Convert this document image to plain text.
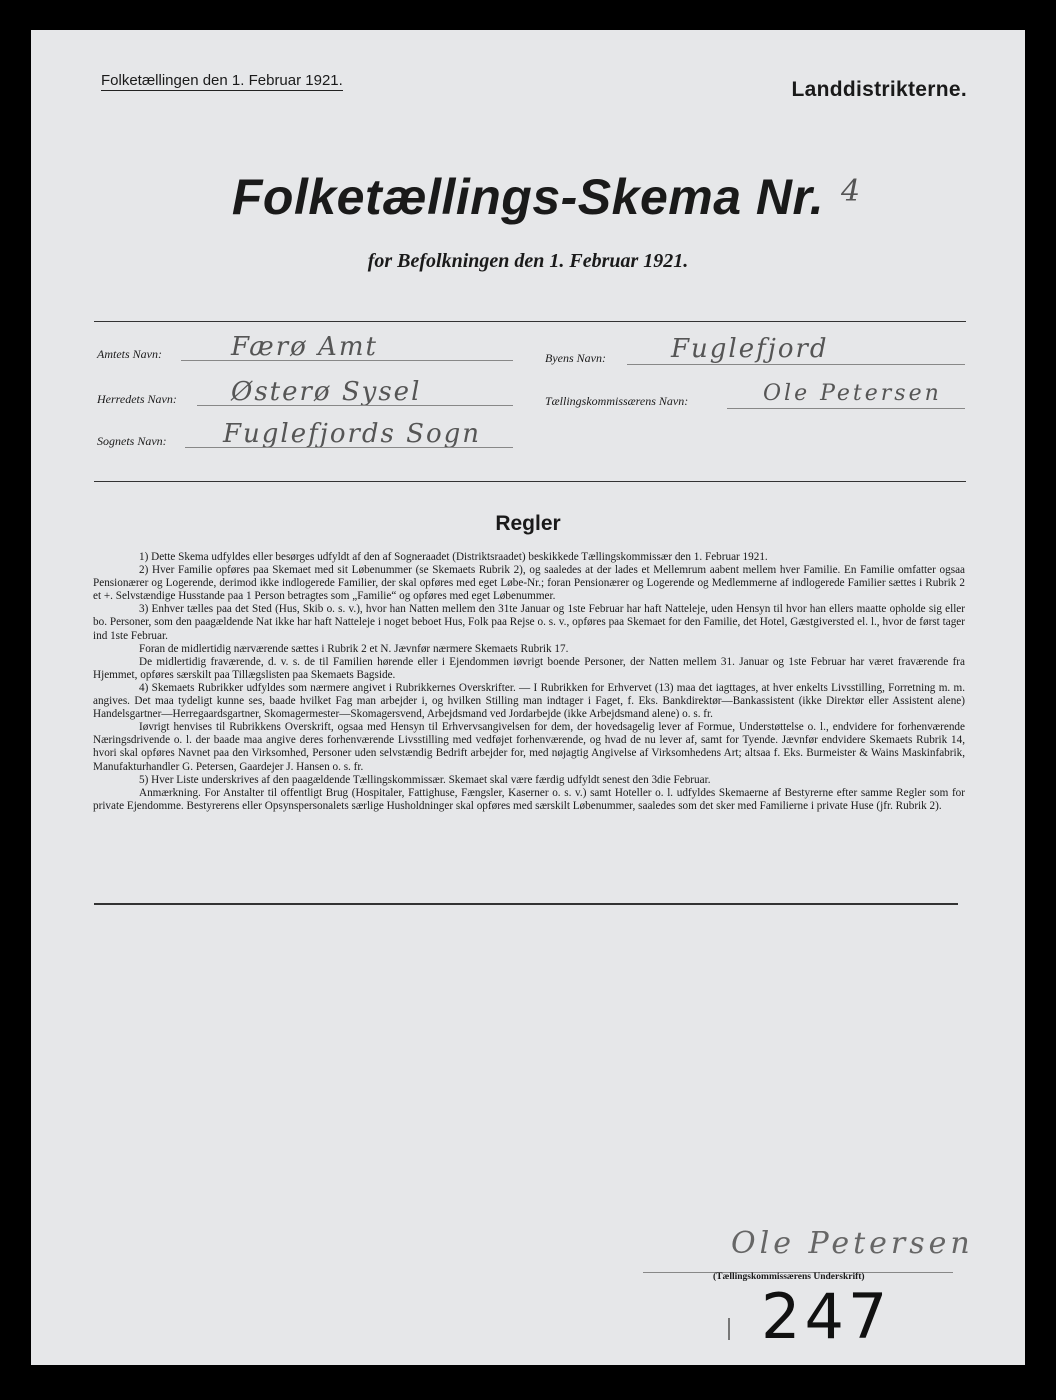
Folketællingen den 1. Februar 1921.	Landdistrikterne.
Folketællings-Skema Nr. 4
for Befolkningen den 1. Februar 1921.
Amtets Navn:	Færø Amt
Herredets Navn: Østerø Sysel
Sognets Navn: Fuglefjords Sogn
Byens Navn:	Fuglefjord
Tællingskommissærens Navn:	Ole Petersen
Regler

1) Dette Skema udfyldes eller besørges udfyldt af den af Sogneraadet (Distriktsraadet) beskikkede Tællingskommissær den 1. Februar 1921.

2) Hver Familie opføres paa Skemaet med sit Løbenummer (se Skemaets Rubrik 2), og saaledes at der lades et Mellemrum aabent mellem hver Familie. En Familie omfatter ogsaa Pensionærer og Logerende, derimod ikke indlogerede Familier, der skal opføres med eget Løbe-Nr.; foran Pensionærer og Logerende og Medlemmerne af indlogerede Familier sættes i Rubrik 2 et +. Selvstændige Husstande paa 1 Person betragtes som „Familie“ og opføres med eget Løbenummer.

3) Enhver tælles paa det Sted (Hus, Skib o. s. v.), hvor han Natten mellem den 31te Januar og 1ste Februar har haft Natteleje, uden Hensyn til hvor han ellers maatte opholde sig eller bo. Personer, som den paagældende Nat ikke har haft Natteleje i noget beboet Hus, Folk paa Rejse o. s. v., opføres paa Skemaet for den Familie, det Hotel, Gæstgiversted el. l., hvor de først tager ind 1ste Februar.

Foran de midlertidig nærværende sættes i Rubrik 2 et N. Jævnfør nærmere Skemaets Rubrik 17.

De midlertidig fraværende, d. v. s. de til Familien hørende eller i Ejendommen iøvrigt boende Personer, der Natten mellem 31. Januar og 1ste Februar har været fraværende fra Hjemmet, opføres særskilt paa Tillægslisten paa Skemaets Bagside.

4) Skemaets Rubrikker udfyldes som nærmere angivet i Rubrikkernes Overskrifter. — I Rubrikken for Erhvervet (13) maa det iagttages, at hver enkelts Livsstilling, Forretning m. m. angives. Det maa tydeligt kunne ses, baade hvilket Fag man arbejder i, og hvilken Stilling man indtager i Faget, f. Eks. Bankdirektør—Bankassistent (ikke Direktør eller Assistent alene) Handelsgartner—Herregaardsgartner, Skomagermester—Skomagersvend, Arbejdsmand ved Jordarbejde (ikke Arbejdsmand alene) o. s. fr.

Iøvrigt henvises til Rubrikkens Overskrift, ogsaa med Hensyn til Erhvervsangivelsen for dem, der hovedsagelig lever af Formue, Understøttelse o. l., endvidere for forhenværende Næringsdrivende o. l. der baade maa angive deres forhenværende Livsstilling med vedføjet forhenværende, og hvad de nu lever af, samt for Tyende. Jævnfør endvidere Skemaets Rubrik 14, hvori skal opføres Navnet paa den Virksomhed, Personer uden selvstændig Bedrift arbejder for, med nøjagtig Angivelse af Virksomhedens Art; altsaa f. Eks. Burmeister & Wains Maskinfabrik, Manufakturhandler G. Petersen, Gaardejer J. Hansen o. s. fr.

5) Hver Liste underskrives af den paagældende Tællingskommissær. Skemaet skal være færdig udfyldt senest den 3die Februar.

Anmærkning. For Anstalter til offentligt Brug (Hospitaler, Fattighuse, Fængsler, Kaserner o. s. v.) samt Hoteller o. l. udfyldes Skemaerne af Bestyrerne efter samme Regler som for private Ejendomme. Bestyrerens eller Opsynspersonalets særlige Husholdninger skal opføres med særskilt Løbenummer, saaledes som det sker med Familierne i private Huse (jfr. Rubrik 2).

Ole Petersen
(Tællingskommissærens Underskrift)
247
